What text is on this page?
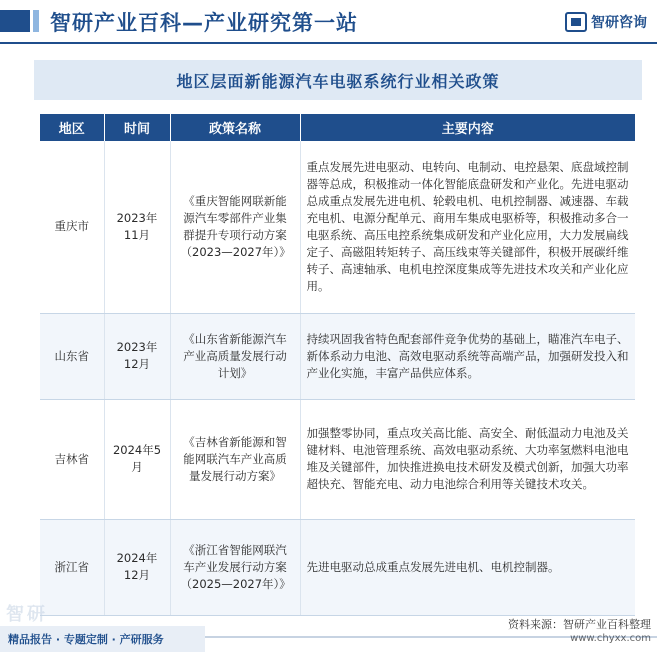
智研产业百科—产业研究第一站	智研咨询
地区层面新能源汽车电驱系统行业相关政策
地区	时间	政策名称	主要内容
重庆市	2023年11月	《重庆智能网联新能源汽车零部件产业集群提升专项行动方案（2023—2027年）》	重点发展先进电驱动、电转向、电制动、电控悬架、底盘域控制器等总成，积极推动一体化智能底盘研发和产业化。先进电驱动总成重点发展先进电机、轮毂电机、电机控制器、减速器、车载充电机、电源分配单元、商用车集成电驱桥等，积极推动多合一电驱系统、高压电控系统集成研发和产业化应用，大力发展扁线定子、高磁阻转矩转子、高压线束等关键部件，积极开展碳纤维转子、高速轴承、电机电控深度集成等先进技术攻关和产业化应用。
山东省	2023年12月	《山东省新能源汽车产业高质量发展行动计划》	持续巩固我省特色配套部件竞争优势的基础上，瞄准汽车电子、新体系动力电池、高效电驱动系统等高端产品，加强研发投入和产业化实施，丰富产品供应体系。
吉林省	2024年5月	《吉林省新能源和智能网联汽车产业高质量发展行动方案》	加强整零协同，重点攻关高比能、高安全、耐低温动力电池及关键材料、电池管理系统、高效电驱动系统、大功率氢燃料电池电堆及关键部件，加快推进换电技术研发及模式创新，加强大功率超快充、智能充电、动力电池综合利用等关键技术攻关。
浙江省	2024年12月	《浙江省智能网联汽车产业发展行动方案（2025—2027年）》	先进电驱动总成重点发展先进电机、电机控制器。
智研	资料来源：智研产业百科整理
www.chyxx.com
精品报告 · 专题定制 · 产研服务
